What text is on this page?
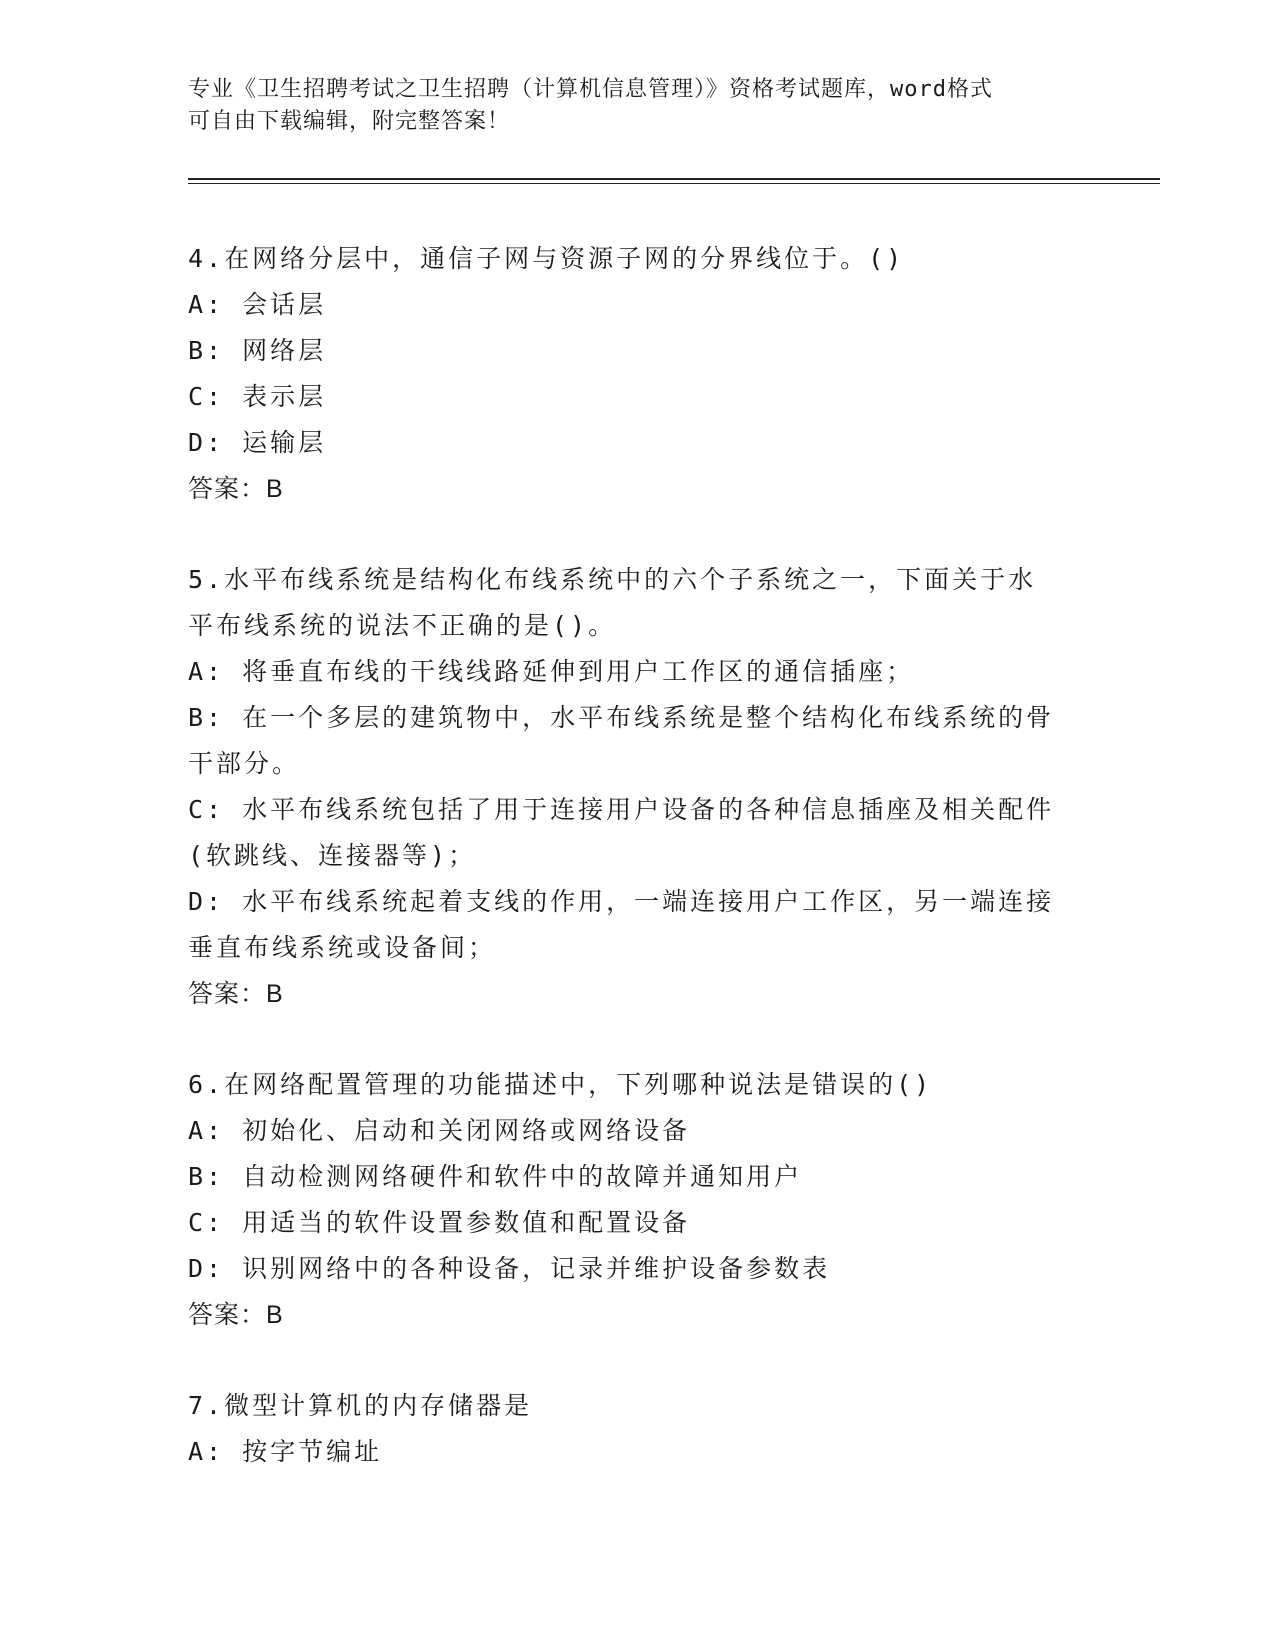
专业《卫生招聘考试之卫生招聘（计算机信息管理）》资格考试题库，word格式
可自由下载编辑，附完整答案！
4.在网络分层中，通信子网与资源子网的分界线位于。()
A: 会话层
B: 网络层
C: 表示层
D: 运输层
答案：B
5.水平布线系统是结构化布线系统中的六个子系统之一，下面关于水
平布线系统的说法不正确的是()。
A: 将垂直布线的干线线路延伸到用户工作区的通信插座；
B: 在一个多层的建筑物中，水平布线系统是整个结构化布线系统的骨
干部分。
C: 水平布线系统包括了用于连接用户设备的各种信息插座及相关配件
(软跳线、连接器等)；
D: 水平布线系统起着支线的作用，一端连接用户工作区，另一端连接
垂直布线系统或设备间；
答案：B
6.在网络配置管理的功能描述中，下列哪种说法是错误的()
A: 初始化、启动和关闭网络或网络设备
B: 自动检测网络硬件和软件中的故障并通知用户
C: 用适当的软件设置参数值和配置设备
D: 识别网络中的各种设备，记录并维护设备参数表
答案：B
7.微型计算机的内存储器是
A: 按字节编址
